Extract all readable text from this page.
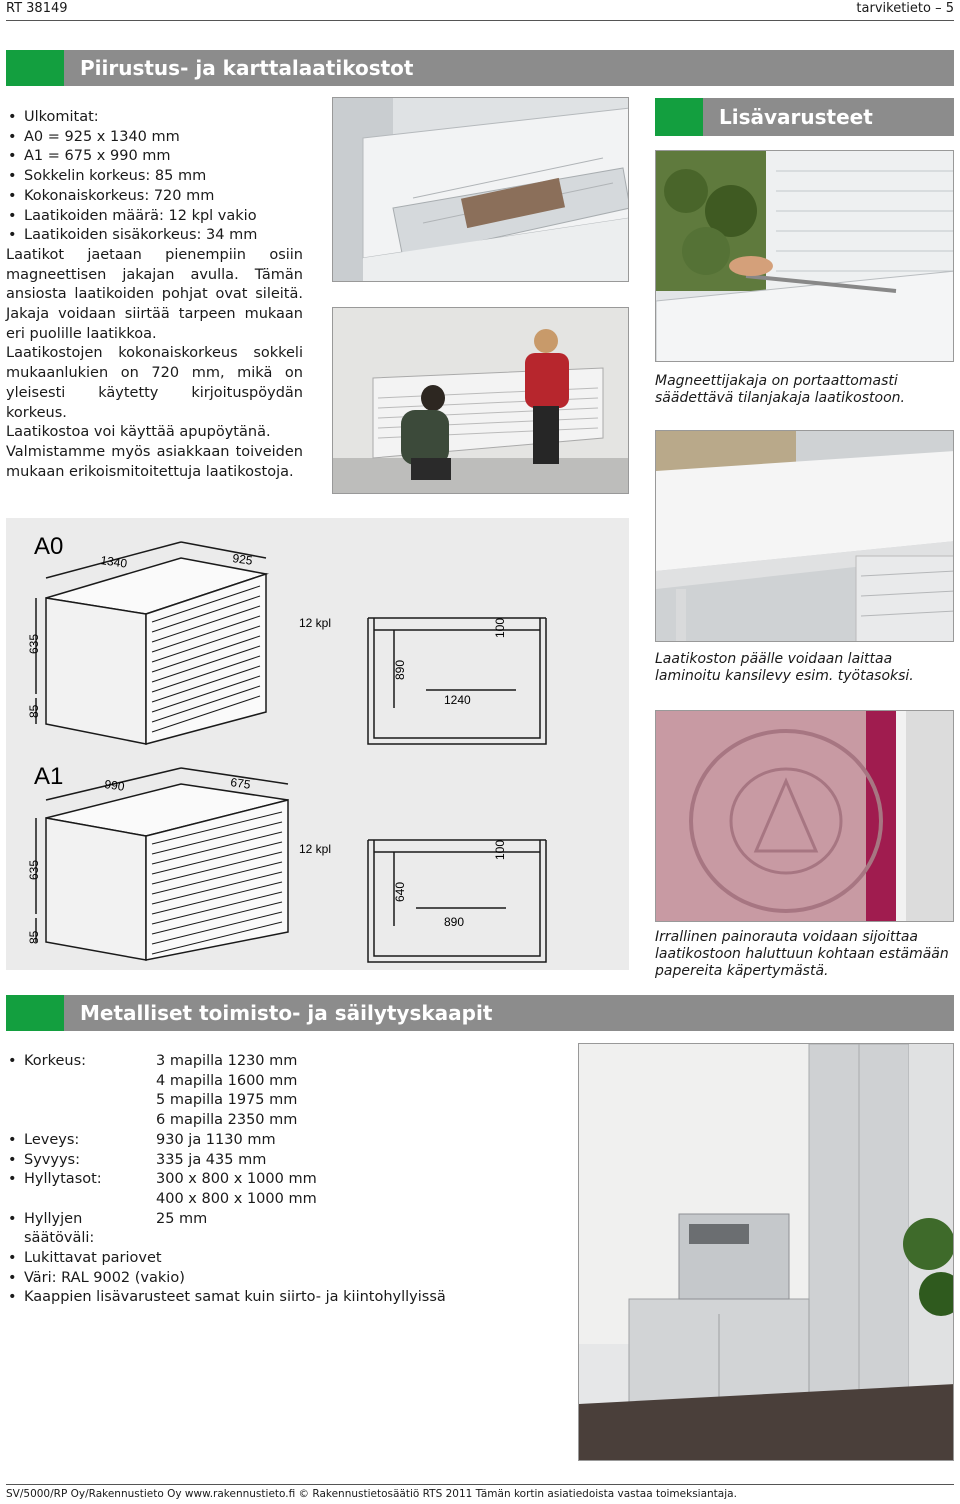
RT 38149	tarviketieto – 5
Piirustus- ja karttalaatikostot
• Ulkomitat:
• A0 = 925 x 1340 mm
• A1 = 675 x 990 mm
• Sokkelin korkeus: 85 mm
• Kokonaiskorkeus: 720 mm
• Laatikoiden määrä: 12 kpl vakio
• Laatikoiden sisäkorkeus: 34 mm

Laatikot jaetaan pienempiin osiin magneettisen jakajan avulla. Tämän ansiosta laatikoiden pohjat ovat sileitä. Jakaja voidaan siirtää tarpeen mukaan eri puolille laatikkoa.

Laatikostojen kokonaiskorkeus sokkeli mukaanlukien on 720 mm, mikä on yleisesti käytetty kirjoituspöydän korkeus.

Laatikostoa voi käyttää apupöytänä.

Valmistamme myös asiakkaan toiveiden mukaan erikoismitoitettuja laatikostoja.

Lisävarusteet
Magneettijakaja on portaattomasti säädettävä tilanjakaja laatikostoon.
Laatikoston päälle voidaan laittaa laminoitu kansilevy esim. työtasoksi.
Irrallinen painorauta voidaan sijoittaa laatikostoon haluttuun kohtaan estämään papereita käpertymästä.
A0
1340	925
635
85
12 kpl
890
1240
100
A1	990	675
635
85
12 kpl
640
890
100
Metalliset toimisto- ja säilytyskaapit
• Korkeus:	3 mapilla 1230 mm
4 mapilla 1600 mm
5 mapilla 1975 mm
6 mapilla 2350 mm
• Leveys:	930 ja 1130 mm
• Syvyys:	335 ja 435 mm
• Hyllytasot:	300 x 800 x 1000 mm
400 x 800 x 1000 mm
• Hyllyjen säätöväli:
25 mm
• Lukittavat pariovet
• Väri: RAL 9002 (vakio)
• Kaappien lisävarusteet samat kuin siirto- ja kiintohyllyissä
SV/5000/RP Oy/Rakennustieto Oy www.rakennustieto.fi © Rakennustietosäätiö RTS 2011 Tämän kortin asiatiedoista vastaa toimeksiantaja.
